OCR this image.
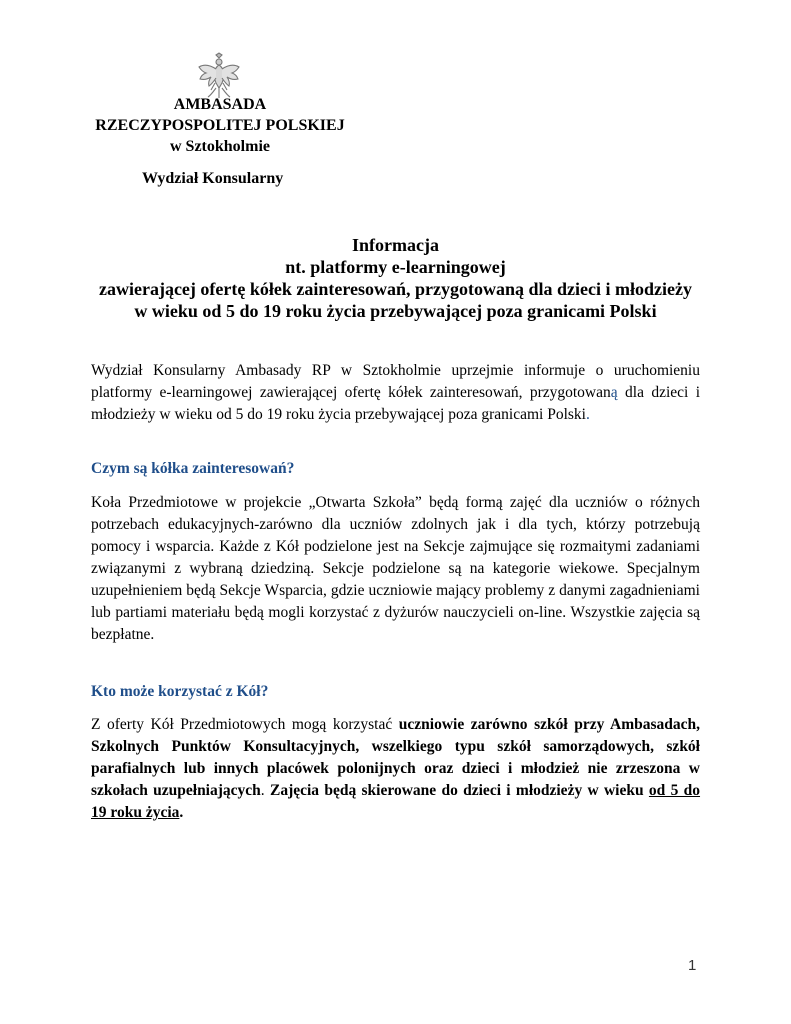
AMBASADA
RZECZYPOSPOLITEJ POLSKIEJ
w Sztokholmie
Wydział Konsularny
Informacja
nt. platformy e-learningowej
zawierającej ofertę kółek zainteresowań, przygotowaną dla dzieci i młodzieży
w wieku od 5 do 19 roku życia przebywającej poza granicami Polski
Wydział Konsularny Ambasady RP w Sztokholmie uprzejmie informuje o uruchomieniu platformy e-learningowej zawierającej ofertę kółek zainteresowań, przygotowaną dla dzieci i młodzieży w wieku od 5 do 19 roku życia przebywającej poza granicami Polski.
Czym są kółka zainteresowań?
Koła Przedmiotowe w projekcie „Otwarta Szkoła” będą formą zajęć dla uczniów o różnych potrzebach edukacyjnych-zarówno dla uczniów zdolnych jak i dla tych, którzy potrzebują pomocy i wsparcia. Każde z Kół podzielone jest na Sekcje zajmujące się rozmaitymi zadaniami związanymi z wybraną dziedziną. Sekcje podzielone są na kategorie wiekowe. Specjalnym uzupełnieniem będą Sekcje Wsparcia, gdzie uczniowie mający problemy z danymi zagadnieniami lub partiami materiału będą mogli korzystać z dyżurów nauczycieli on-line. Wszystkie zajęcia są bezpłatne.
Kto może korzystać z Kół?
Z oferty Kół Przedmiotowych mogą korzystać uczniowie zarówno szkół przy Ambasadach, Szkolnych Punktów Konsultacyjnych, wszelkiego typu szkół samorządowych, szkół parafialnych lub innych placówek polonijnych oraz dzieci i młodzież nie zrzeszona w szkołach uzupełniających. Zajęcia będą skierowane do dzieci i młodzieży w wieku od 5 do 19 roku życia.
1
